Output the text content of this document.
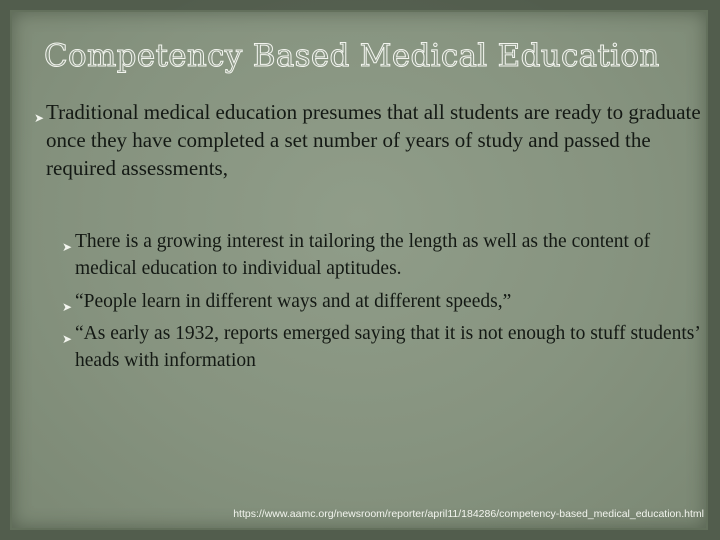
Competency Based Medical Education
➤ Traditional medical education presumes that all students are ready to graduate once they have completed a set number of years of study and passed the required assessments,
➤ There is a growing interest in tailoring the length as well as the content of medical education to individual aptitudes.
➤ “People learn in different ways and at different speeds,”
➤ “As early as 1932, reports emerged saying that it is not enough to stuff students’ heads with information
https://www.aamc.org/newsroom/reporter/april11/184286/competency-based_medical_education.html
